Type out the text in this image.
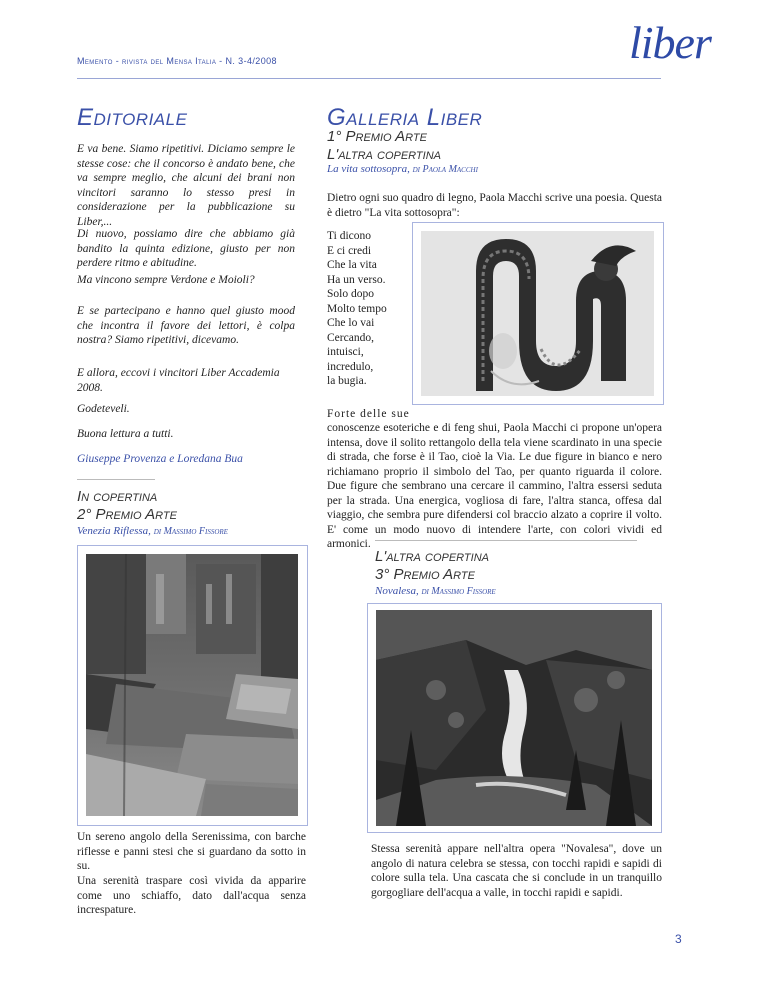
Memento - rivista del Mensa Italia - N. 3-4/2008	liber
Editoriale

E va bene. Siamo ripetitivi. Diciamo sempre le stesse cose: che il concorso è andato bene, che va sempre meglio, che alcuni dei brani non vincitori saranno lo stesso presi in considerazione per la pubblicazione su Liber,...

Di nuovo, possiamo dire che abbiamo già bandito la quinta edizione, giusto per non perdere ritmo e abitudine.

Ma vincono sempre Verdone e Moioli?

E se partecipano e hanno quel giusto mood che incontra il favore dei lettori, è colpa nostra? Siamo ripetitivi, dicevamo.

E allora, eccovi i vincitori Liber Accademia 2008.

Godeteveli.

Buona lettura a tutti.

Giuseppe Provenza e Loredana Bua

In copertina
2° Premio Arte
Venezia Riflessa, di Massimo Fissore

Un sereno angolo della Serenissima, con barche riflesse e panni stesi che si guardano da sotto in su.

Una serenità traspare così vivida da apparire come uno schiaffo, dato dall'acqua senza increspature.

Galleria Liber
1° Premio Arte
L'altra copertina
La vita sottosopra, di Paola Macchi

Dietro ogni suo quadro di legno, Paola Macchi scrive una poesia. Questa è dietro "La vita sottosopra":

Ti dicono
E ci credi
Che la vita
Ha un verso.
Solo dopo
Molto tempo
Che lo vai
Cercando,
intuisci,
incredulo,
la bugia.

Forte delle sue

conoscenze esoteriche e di feng shui, Paola Macchi ci propone un'opera intensa, dove il solito rettangolo della tela viene scardinato in una specie di strada, che forse è il Tao, cioè la Via. Le due figure in bianco e nero richiamano proprio il simbolo del Tao, per quanto riguarda il colore. Due figure che sembrano una cercare il cammino, l'altra essersi seduta per la strada. Una energica, vogliosa di fare, l'altra stanca, offesa dal viaggio, che sembra pure difendersi col braccio alzato a coprire il volto. E' come un modo nuovo di intendere l'arte, con colori vividi ed armonici.

L'altra copertina
3° Premio Arte
Novalesa, di Massimo Fissore

Stessa serenità appare nell'altra opera "Novalesa", dove un angolo di natura celebra se stessa, con tocchi rapidi e sapidi di colore sulla tela. Una cascata che si conclude in un tranquillo gorgogliare dell'acqua a valle, in tocchi rapidi e sapidi.

3
